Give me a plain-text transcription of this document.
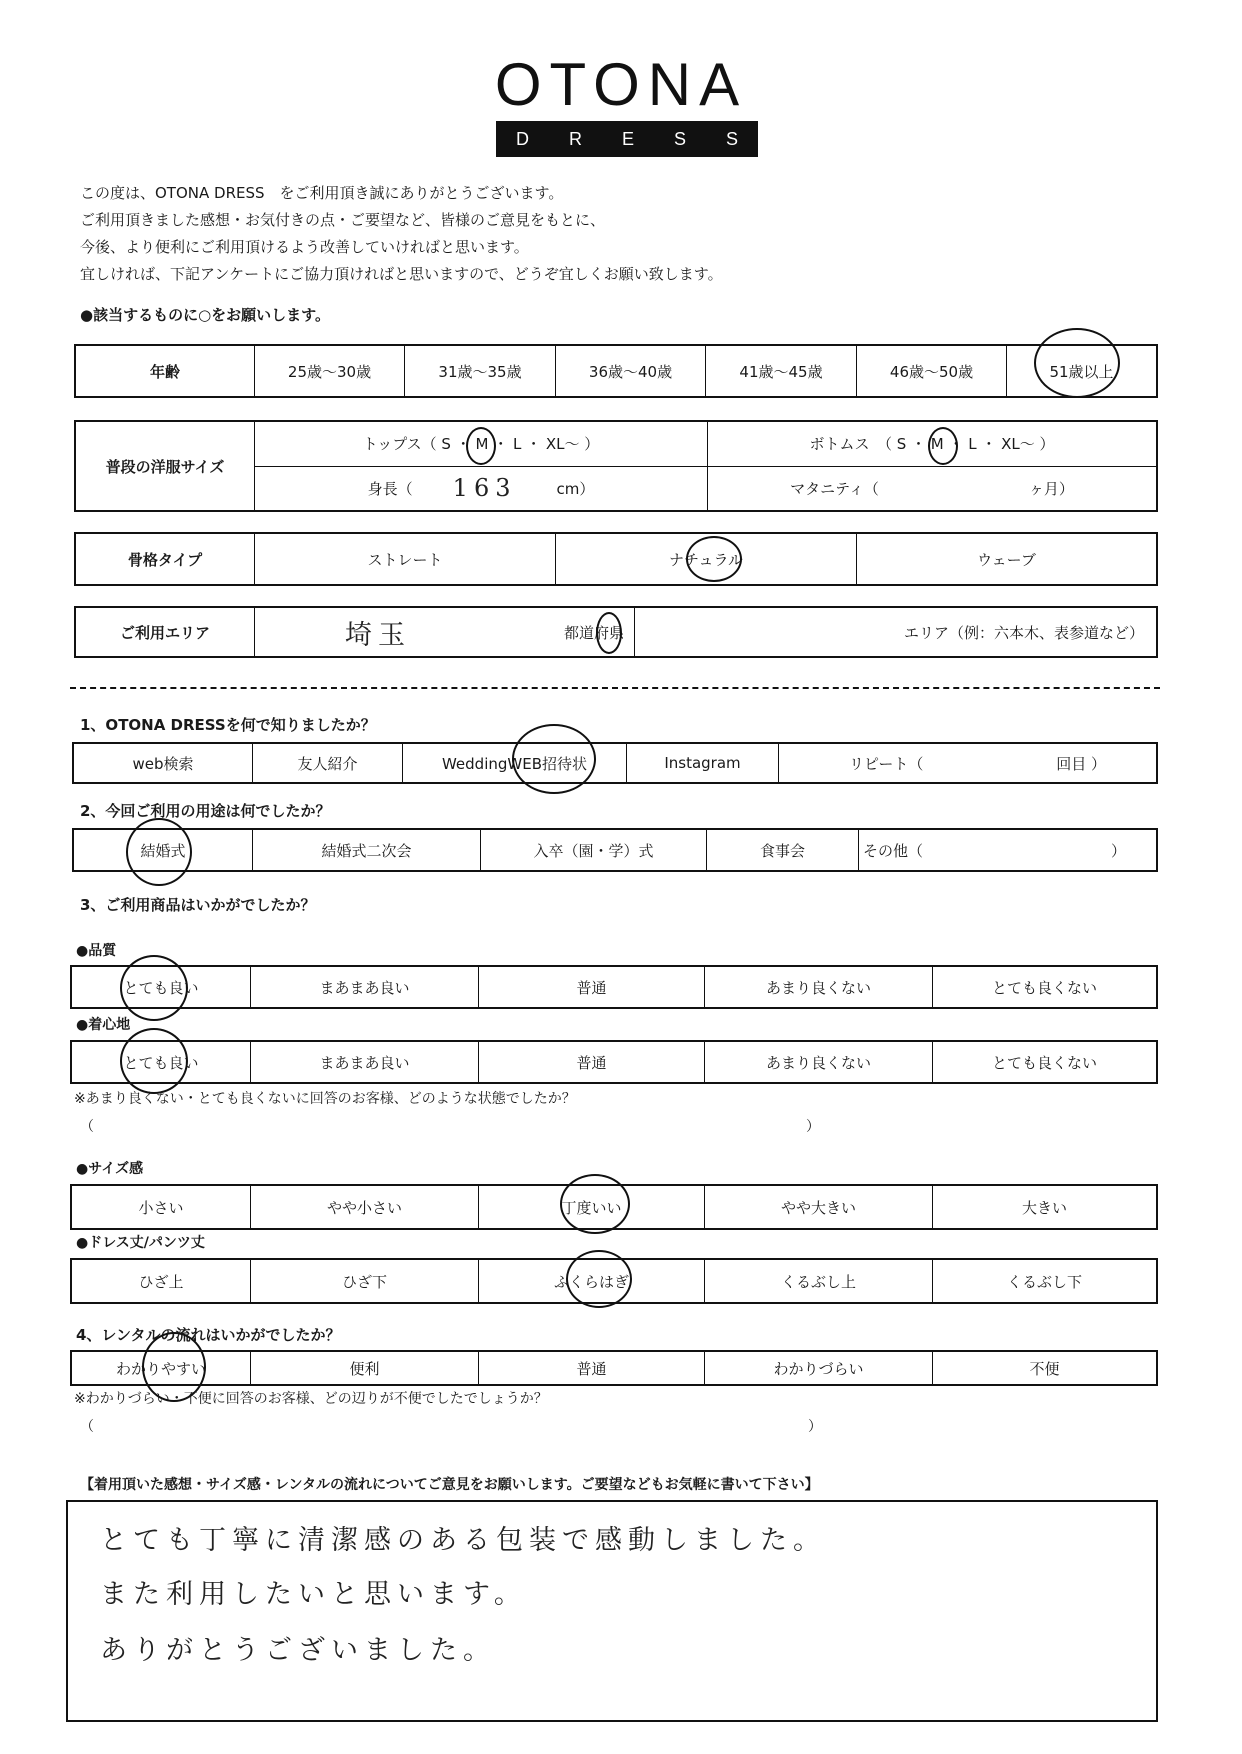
OTONA
D R E S S
この度は、OTONA DRESS　をご利用頂き誠にありがとうございます。
ご利用頂きました感想・お気付きの点・ご要望など、皆様のご意見をもとに、
今後、より便利にご利用頂けるよう改善していければと思います。
宜しければ、下記アンケートにご協力頂ければと思いますので、どうぞ宜しくお願い致します。
●該当するものに○をお願いします。
年齢	25歳〜30歳	31歳〜35歳	36歳〜40歳	41歳〜45歳	46歳〜50歳	51歳以上
普段の洋服サイズ
トップス（ S ・ M ・ L ・ XL〜 ）	ボトムス　（ S ・ M ・ L ・ XL〜 ）
身長（ 163	cm）	マタニティ（	ヶ月）
骨格タイプ	ストレート	ナチュラル	ウェーブ
ご利用エリア	埼玉	都道府県	エリア（例：六本木、表参道など）
1、OTONA DRESSを何で知りましたか？
web検索	友人紹介	WeddingWEB招待状	Instagram	リピート（	回目 ）
2、今回ご利用の用途は何でしたか？
結婚式	結婚式二次会	入卒（園・学）式	食事会	その他（	）
3、ご利用商品はいかがでしたか？
●品質
とても良い	まあまあ良い	普通	あまり良くない	とても良くない
●着心地
とても良い	まあまあ良い	普通	あまり良くない	とても良くない
※あまり良くない・とても良くないに回答のお客様、どのような状態でしたか？
（	）
●サイズ感
小さい	やや小さい	丁度いい	やや大きい	大きい
●ドレス丈/パンツ丈
ひざ上	ひざ下	ふくらはぎ	くるぶし上	くるぶし下
4、レンタルの流れはいかがでしたか？
わかりやすい	便利	普通	わかりづらい	不便
※わかりづらい・不便に回答のお客様、どの辺りが不便でしたでしょうか？
（	）
【着用頂いた感想・サイズ感・レンタルの流れについてご意見をお願いします。ご要望などもお気軽に書いて下さい】
とても丁寧に清潔感のある包装で感動しました。
また利用したいと思います。
ありがとうございました。
